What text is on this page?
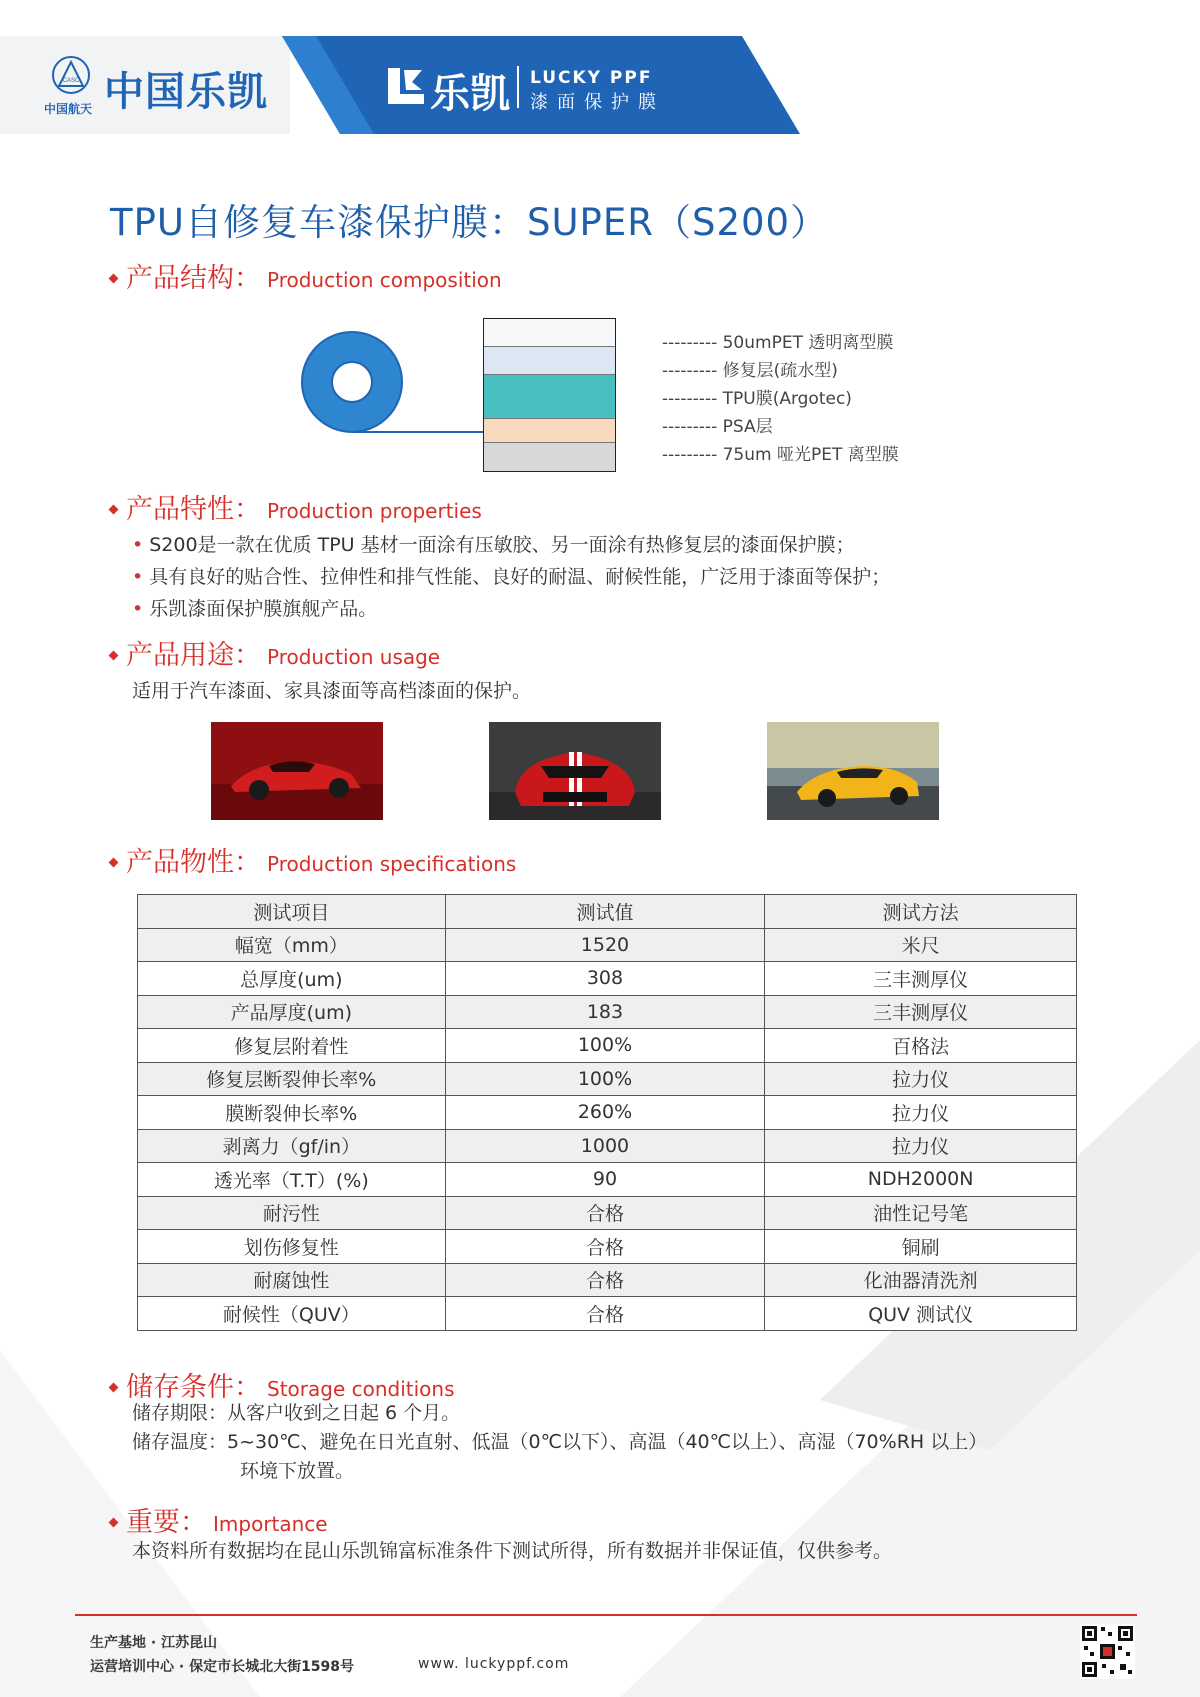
CASC 中国乐凯
中国航天	乐凯 LUCKY PPF
漆面保护膜
TPU自修复车漆保护膜：SUPER（S200）
产品结构： Production composition
--------- 50umPET 透明离型膜
--------- 修复层(疏水型)
--------- TPU膜(Argotec)
--------- PSA层
--------- 75um 哑光PET 离型膜
产品特性： Production properties
• S200是一款在优质 TPU 基材一面涂有压敏胶、另一面涂有热修复层的漆面保护膜；
• 具有良好的贴合性、拉伸性和排气性能、良好的耐温、耐候性能，广泛用于漆面等保护；
• 乐凯漆面保护膜旗舰产品。
产品用途： Production usage
适用于汽车漆面、家具漆面等高档漆面的保护。
产品物性： Production specifications
测试项目	测试值	测试方法
幅宽（mm）	1520	米尺
总厚度(um)	308	三丰测厚仪
产品厚度(um)	183	三丰测厚仪
修复层附着性	100%	百格法
修复层断裂伸长率%	100%	拉力仪
膜断裂伸长率%	260%	拉力仪
剥离力（gf/in）	1000	拉力仪
透光率（T.T）(%)	90	NDH2000N
耐污性	合格	油性记号笔
划伤修复性	合格	铜刷
耐腐蚀性	合格	化油器清洗剂
耐候性（QUV）	合格	QUV 测试仪
储存条件： Storage conditions
储存期限：从客户收到之日起 6 个月。
储存温度：5~30℃、避免在日光直射、低温（0℃以下）、高温（40℃以上）、高湿（70%RH 以上）
环境下放置。
重要： Importance
本资料所有数据均在昆山乐凯锦富标准条件下测试所得，所有数据并非保证值，仅供参考。
生产基地 · 江苏昆山
运营培训中心 · 保定市长城北大街1598号	www. luckyppf.com
